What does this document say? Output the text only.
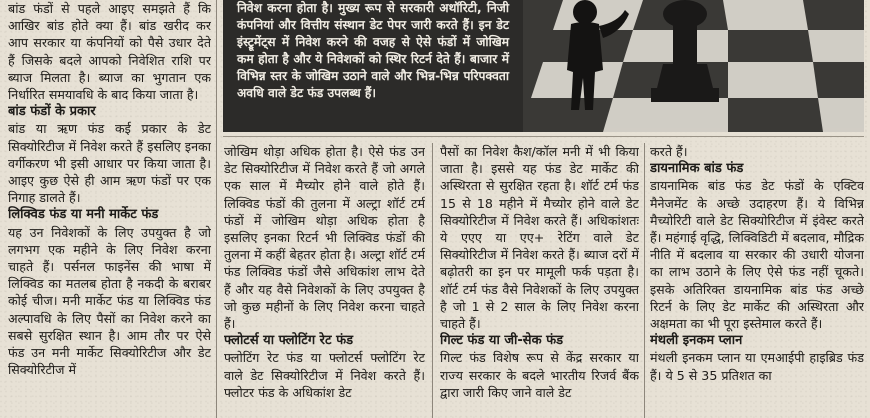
बांड फंडों से पहले आइए समझते हैं कि आखिर बांड होते क्या हैं। बांड खरीद कर आप सरकार या कंपनियों को पैसे उधार देते हैं जिसके बदले आपको निवेशित राशि पर ब्याज मिलता है। ब्याज का भुगतान एक निर्धारित समयावधि के बाद किया जाता है।

बांड फंडों के प्रकार

बांड या ऋण फंड कई प्रकार के डेट सिक्योरिटीज में निवेश करते हैं इसलिए इनका वर्गीकरण भी इसी आधार पर किया जाता है। आइए कुछ ऐसे ही आम ऋण फंडों पर एक निगाह डालते हैं।

लिक्विड फंड या मनी मार्केट फंड

यह उन निवेशकों के लिए उपयुक्त है जो लगभग एक महीने के लिए निवेश करना चाहते हैं। पर्सनल फाइनेंस की भाषा में लिक्विड का मतलब होता है नकदी के बराबर कोई चीज। मनी मार्केट फंड या लिक्विड फंड अल्पावधि के लिए पैसों का निवेश करने का सबसे सुरक्षित स्थान है। आम तौर पर ऐसे फंड उन मनी मार्केट सिक्योरिटीज और डेट सिक्योरिटीज में

निवेश करना होता है। मुख्य रूप से सरकारी अथॉरिटी, निजी कंपनियां और वित्तीय संस्थान डेट पेपर जारी करते हैं। इन डेट इंस्ट्रूमेंट्स में निवेश करने की वजह से ऐसे फंडों में जोखिम कम होता है और ये निवेशकों को स्थिर रिटर्न देते हैं। बाजार में विभिन्न स्तर के जोखिम उठाने वाले और भिन्न-भिन्न परिपक्वता अवधि वाले डेट फंड उपलब्ध हैं।

जोखिम थोड़ा अधिक होता है। ऐसे फंड उन डेट सिक्योरिटीज में निवेश करते हैं जो अगले एक साल में मैच्योर होने वाले होते हैं। लिक्विड फंडों की तुलना में अल्ट्रा शॉर्ट टर्म फंडों में जोखिम थोड़ा अधिक होता है इसलिए इनका रिटर्न भी लिक्विड फंडों की तुलना में कहीं बेहतर होता है। अल्ट्रा शॉर्ट टर्म फंड लिक्विड फंडों जैसे अधिकांश लाभ देते हैं और यह वैसे निवेशकों के लिए उपयुक्त है जो कुछ महीनों के लिए निवेश करना चाहते हैं।

फ्लोटर्स या फ्लोटिंग रेट फंड

फ्लोटिंग रेट फंड या फ्लोटर्स फ्लोटिंग रेट वाले डेट सिक्योरिटीज में निवेश करते हैं। फ्लोटर फंड के अधिकांश डेट

पैसों का निवेश कैश/कॉल मनी में भी किया जाता है। इससे यह फंड डेट मार्केट की अस्थिरता से सुरक्षित रहता है। शॉर्ट टर्म फंड 15 से 18 महीने में मैच्योर होने वाले डेट सिक्योरिटीज में निवेश करते हैं। अधिकांशतः ये एएए या एए+ रेटिंग वाले डेट सिक्योरिटीज में निवेश करते हैं। ब्याज दरों में बढ़ोतरी का इन पर मामूली फर्क पड़ता है। शॉर्ट टर्म फंड वैसे निवेशकों के लिए उपयुक्त है जो 1 से 2 साल के लिए निवेश करना चाहते हैं।

गिल्ट फंड या जी-सेक फंड

गिल्ट फंड विशेष रूप से केंद्र सरकार या राज्य सरकार के बदले भारतीय रिजर्व बैंक द्वारा जारी किए जाने वाले डेट

करते हैं।

डायनामिक बांड फंड

डायनामिक बांड फंड डेट फंडों के एक्टिव मैनेजमेंट के अच्छे उदाहरण हैं। ये विभिन्न मैच्योरिटी वाले डेट सिक्योरिटीज में इंवेस्ट करते हैं। महंगाई वृद्धि, लिक्विडिटी में बदलाव, मौद्रिक नीति में बदलाव या सरकार की उधारी योजना का लाभ उठाने के लिए ऐसे फंड नहीं चूकते। इसके अतिरिक्त डायनामिक बांड फंड अच्छे रिटर्न के लिए डेट मार्केट की अस्थिरता और अक्षमता का भी पूरा इस्तेमाल करते हैं।

मंथली इनकम प्लान

मंथली इनकम प्लान या एमआईपी हाइब्रिड फंड हैं। ये 5 से 35 प्रतिशत का
